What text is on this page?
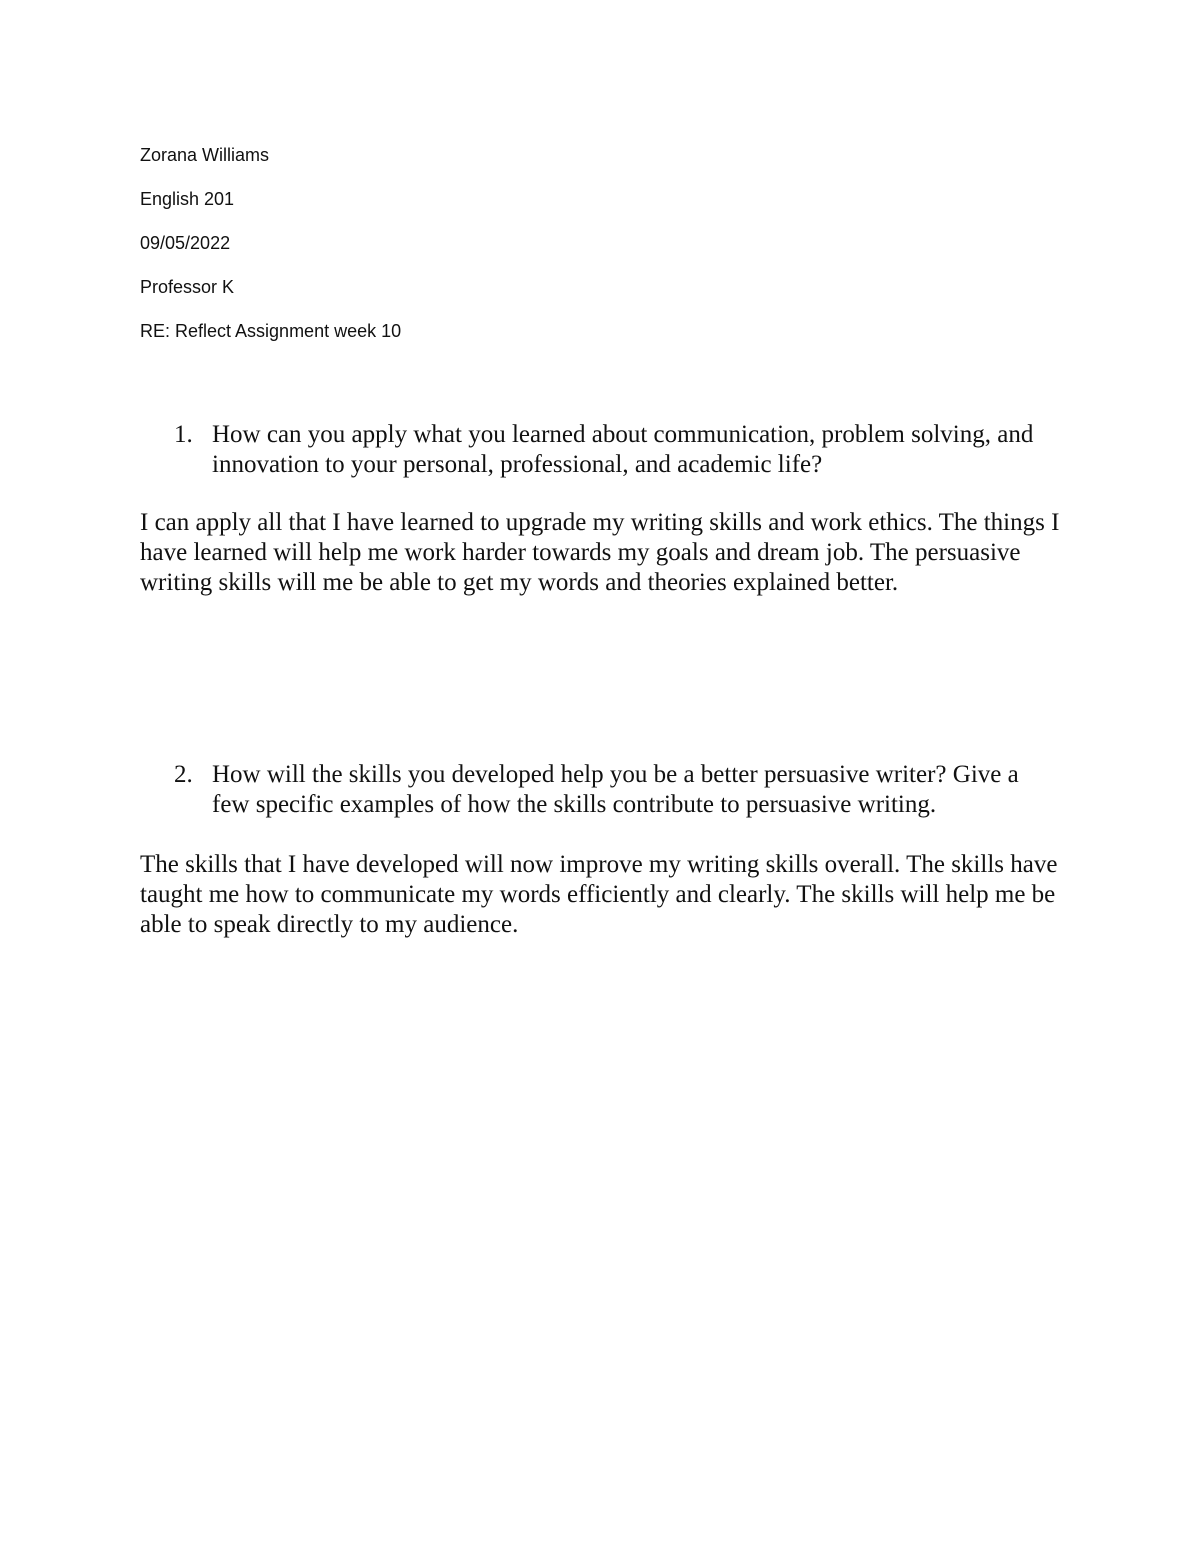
Zorana Williams
English 201
09/05/2022
Professor K
RE: Reflect Assignment week 10
1. How can you apply what you learned about communication, problem solving, and innovation to your personal, professional, and academic life?
I can apply all that I have learned to upgrade my writing skills and work ethics. The things I have learned will help me work harder towards my goals and dream job. The persuasive writing skills will me be able to get my words and theories explained better.
2. How will the skills you developed help you be a better persuasive writer? Give a few specific examples of how the skills contribute to persuasive writing.
The skills that I have developed will now improve my writing skills overall. The skills have taught me how to communicate my words efficiently and clearly. The skills will help me be able to speak directly to my audience.
